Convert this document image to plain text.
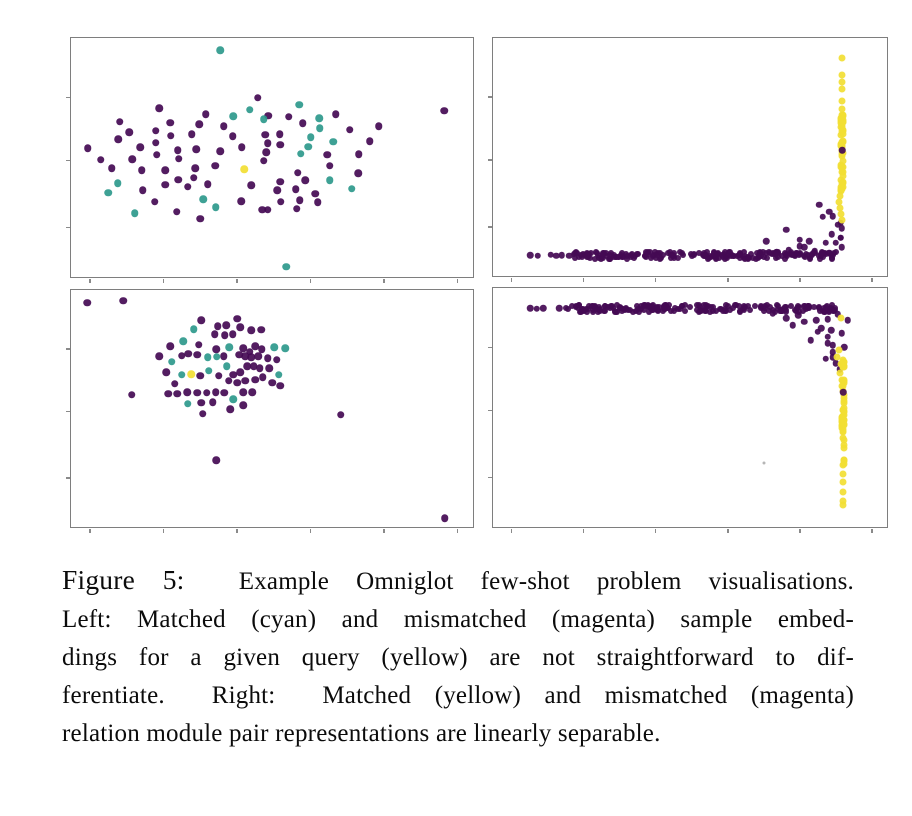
Figure 5:  Example Omniglot few-shot problem visualisations.
Left: Matched (cyan) and mismatched (magenta) sample embed-
dings for a given query (yellow) are not straightforward to dif-
ferentiate.  Right:  Matched (yellow) and mismatched (magenta)
relation module pair representations are linearly separable.
